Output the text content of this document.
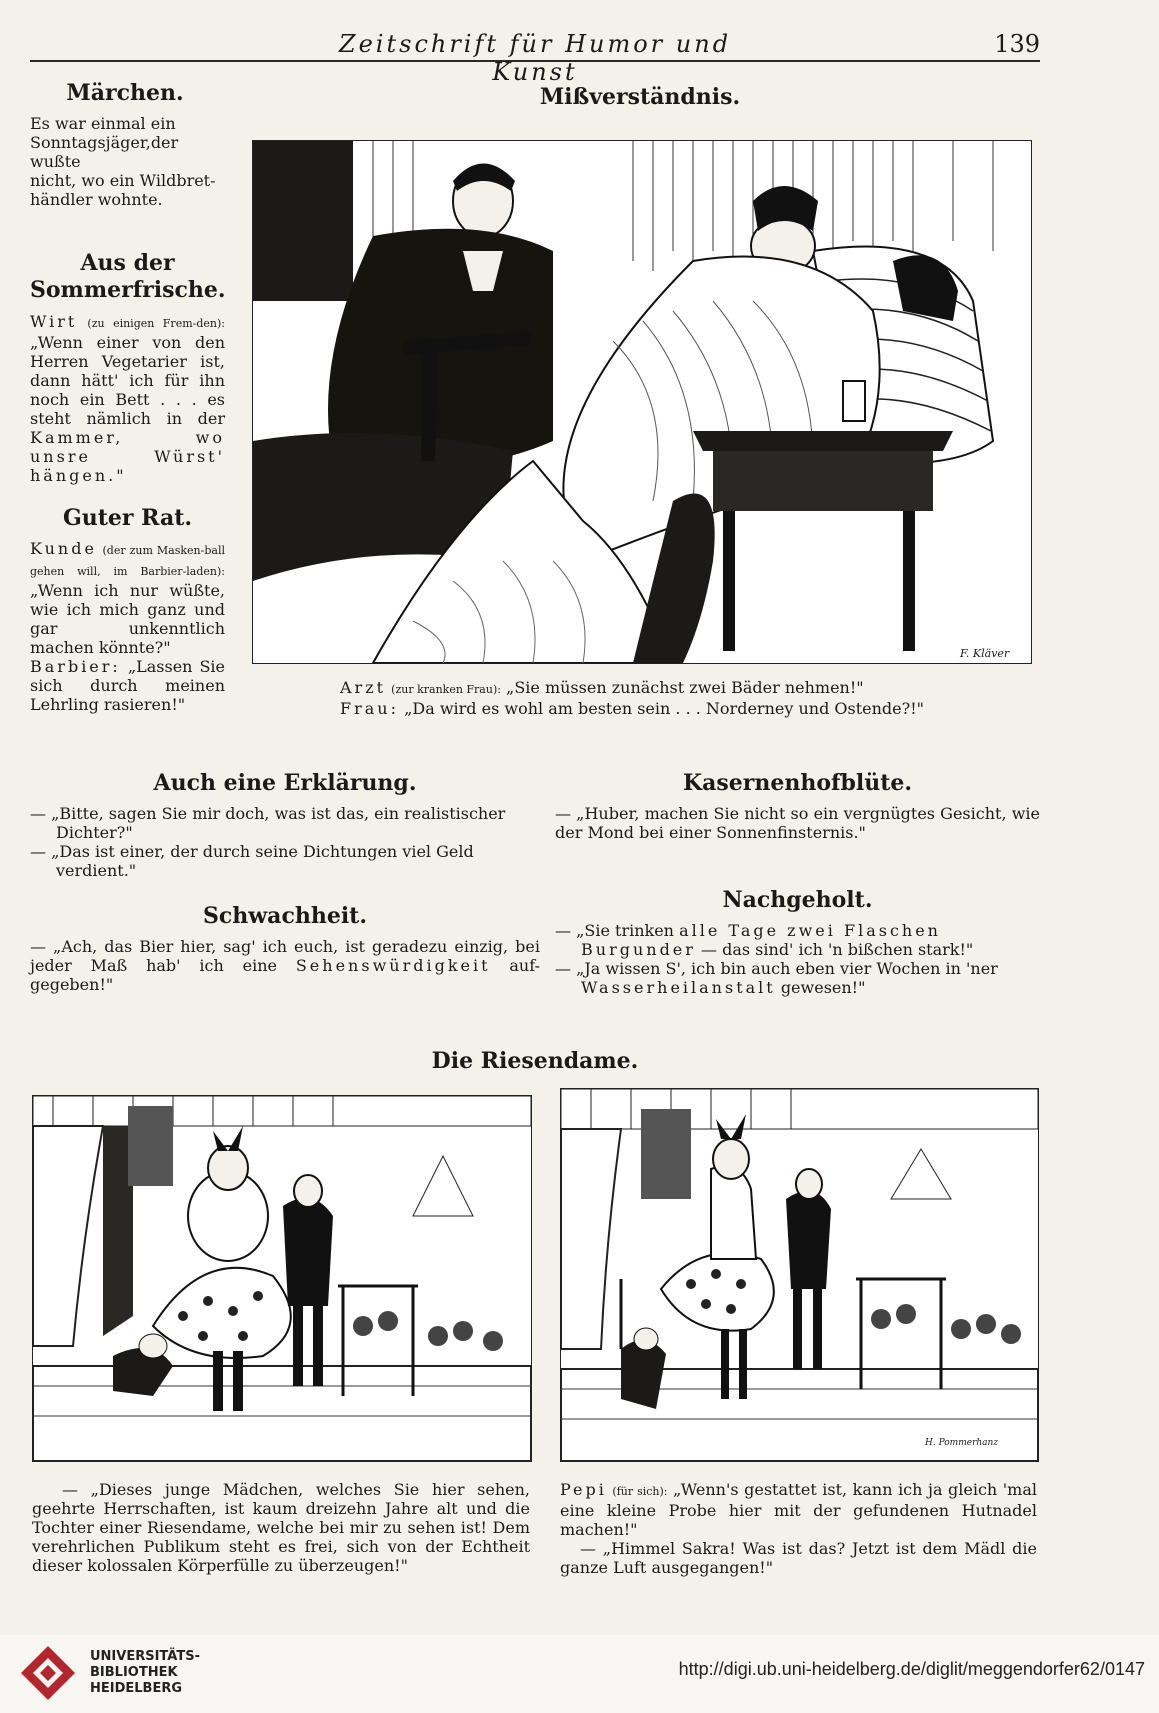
Zeitschrift für Humor und Kunst
139
Märchen.
Es war einmal ein
Sonntagsjäger,der wußte
nicht, wo ein Wildbret-
händler wohnte.
Aus der Sommerfrische.

Wirt (zu einigen Frem-den): „Wenn einer von den Herren Vegetarier ist, dann hätt' ich für ihn noch ein Bett . . . es steht nämlich in der Kammer, wo unsre Würst' hängen."

Guter Rat.

Kunde (der zum Masken-ball gehen will, im Barbier-laden): „Wenn ich nur wüßte, wie ich mich ganz und gar unkenntlich machen könnte?"

Barbier: „Lassen Sie sich durch meinen Lehrling rasieren!"

Mißverständnis.
F. Kläver

Arzt (zur kranken Frau): „Sie müssen zunächst zwei Bäder nehmen!"

Frau: „Da wird es wohl am besten sein . . . Norderney und Ostende?!"

Auch eine Erklärung.

— „Bitte, sagen Sie mir doch, was ist das, ein realistischer Dichter?"

— „Das ist einer, der durch seine Dichtungen viel Geld verdient."

Kasernenhofblüte.

— „Huber, machen Sie nicht so ein vergnügtes Gesicht, wie der Mond bei einer Sonnenfinsternis."

Schwachheit.

— „Ach, das Bier hier, sag' ich euch, ist geradezu einzig, bei jeder Maß hab' ich eine Sehenswürdigkeit auf-gegeben!"

Nachgeholt.

— „Sie trinken alle Tage zwei Flaschen Burgunder — das sind' ich 'n bißchen stark!"

— „Ja wissen S', ich bin auch eben vier Wochen in 'ner Wasserheilanstalt gewesen!"

Die Riesendame.
H. Pommerhanz

— „Dieses junge Mädchen, welches Sie hier sehen, geehrte Herrschaften, ist kaum dreizehn Jahre alt und die Tochter einer Riesendame, welche bei mir zu sehen ist! Dem verehrlichen Publikum steht es frei, sich von der Echtheit dieser kolossalen Körperfülle zu überzeugen!"

Pepi (für sich): „Wenn's gestattet ist, kann ich ja gleich 'mal eine kleine Probe hier mit der gefundenen Hutnadel machen!"

— „Himmel Sakra! Was ist das? Jetzt ist dem Mädl die ganze Luft ausgegangen!"

UNIVERSITÄTS-
BIBLIOTHEK
HEIDELBERG
http://digi.ub.uni-heidelberg.de/diglit/meggendorfer62/0147
